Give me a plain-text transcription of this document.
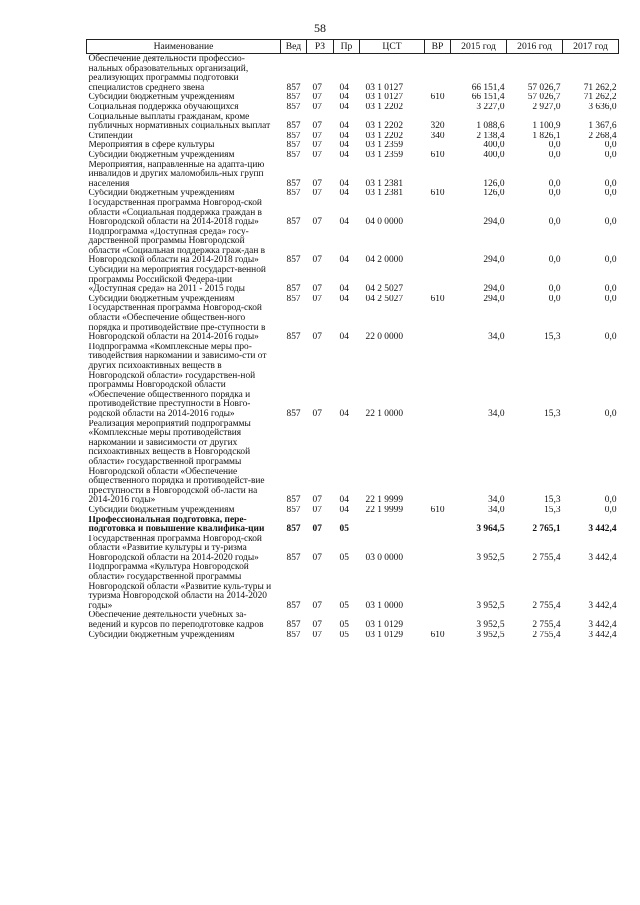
58
Наименование	Вед	РЗ	Пр	ЦСТ	ВР	2015 год	2016 год	2017 год
Обеспечение деятельности профессио-нальных образовательных организаций, реализующих программы подготовки специалистов среднего звена	857	07	04	03 1 0127		66 151,4	57 026,7	71 262,2
Субсидии бюджетным учреждениям	857	07	04	03 1 0127	610	66 151,4	57 026,7	71 262,2
Социальная поддержка обучающихся	857	07	04	03 1 2202		3 227,0	2 927,0	3 636,0
Социальные выплаты гражданам, кроме публичных нормативных социальных выплат	857	07	04	03 1 2202	320	1 088,6	1 100,9	1 367,6
Стипендии	857	07	04	03 1 2202	340	2 138,4	1 826,1	2 268,4
Мероприятия в сфере культуры	857	07	04	03 1 2359		400,0	0,0	0,0
Субсидии бюджетным учреждениям	857	07	04	03 1 2359	610	400,0	0,0	0,0
Мероприятия, направленные на адапта-цию инвалидов и других маломобиль-ных групп населения	857	07	04	03 1 2381		126,0	0,0	0,0
Субсидии бюджетным учреждениям	857	07	04	03 1 2381	610	126,0	0,0	0,0
Государственная программа Новгород-ской области «Социальная поддержка граждан в Новгородской области на 2014-2018 годы»	857	07	04	04 0 0000		294,0	0,0	0,0
Подпрограмма «Доступная среда» госу-дарственной программы Новгородской области «Социальная поддержка граж-дан в Новгородской области на 2014-2018 годы»	857	07	04	04 2 0000		294,0	0,0	0,0
Субсидии на мероприятия государст-венной программы Российской Федера-ции «Доступная среда» на 2011 - 2015 годы	857	07	04	04 2 5027		294,0	0,0	0,0
Субсидии бюджетным учреждениям	857	07	04	04 2 5027	610	294,0	0,0	0,0
Государственная программа Новгород-ской области «Обеспечение обществен-ного порядка и противодействие пре-ступности в Новгородской области на 2014-2016 годы»	857	07	04	22 0 0000		34,0	15,3	0,0
Подпрограмма «Комплексные меры про-тиводействия наркомании и зависимо-сти от других психоактивных веществ в Новгородской области» государствен-ной программы Новгородской области «Обеспечение общественного порядка и противодействие преступности в Новго-родской области на 2014-2016 годы»	857	07	04	22 1 0000		34,0	15,3	0,0
Реализация мероприятий подпрограммы «Комплексные меры противодействия наркомании и зависимости от других психоактивных веществ в Новгородской области» государственной программы Новгородской области «Обеспечение общественного порядка и противодейст-вие преступности в Новгородской об-ласти на 2014-2016 годы»	857	07	04	22 1 9999		34,0	15,3	0,0
Субсидии бюджетным учреждениям	857	07	04	22 1 9999	610	34,0	15,3	0,0
Профессиональная подготовка, пере-подготовка и повышение квалифика-ции	857	07	05			3 964,5	2 765,1	3 442,4
Государственная программа Новгород-ской области «Развитие культуры и ту-ризма Новгородской области на 2014-2020 годы»	857	07	05	03 0 0000		3 952,5	2 755,4	3 442,4
Подпрограмма «Культура Новгородской области» государственной программы Новгородской области «Развитие куль-туры и туризма Новгородской области на 2014-2020 годы»	857	07	05	03 1 0000		3 952,5	2 755,4	3 442,4
Обеспечение деятельности учебных за-ведений и курсов по переподготовке кадров	857	07	05	03 1 0129		3 952,5	2 755,4	3 442,4
Субсидии бюджетным учреждениям	857	07	05	03 1 0129	610	3 952,5	2 755,4	3 442,4
